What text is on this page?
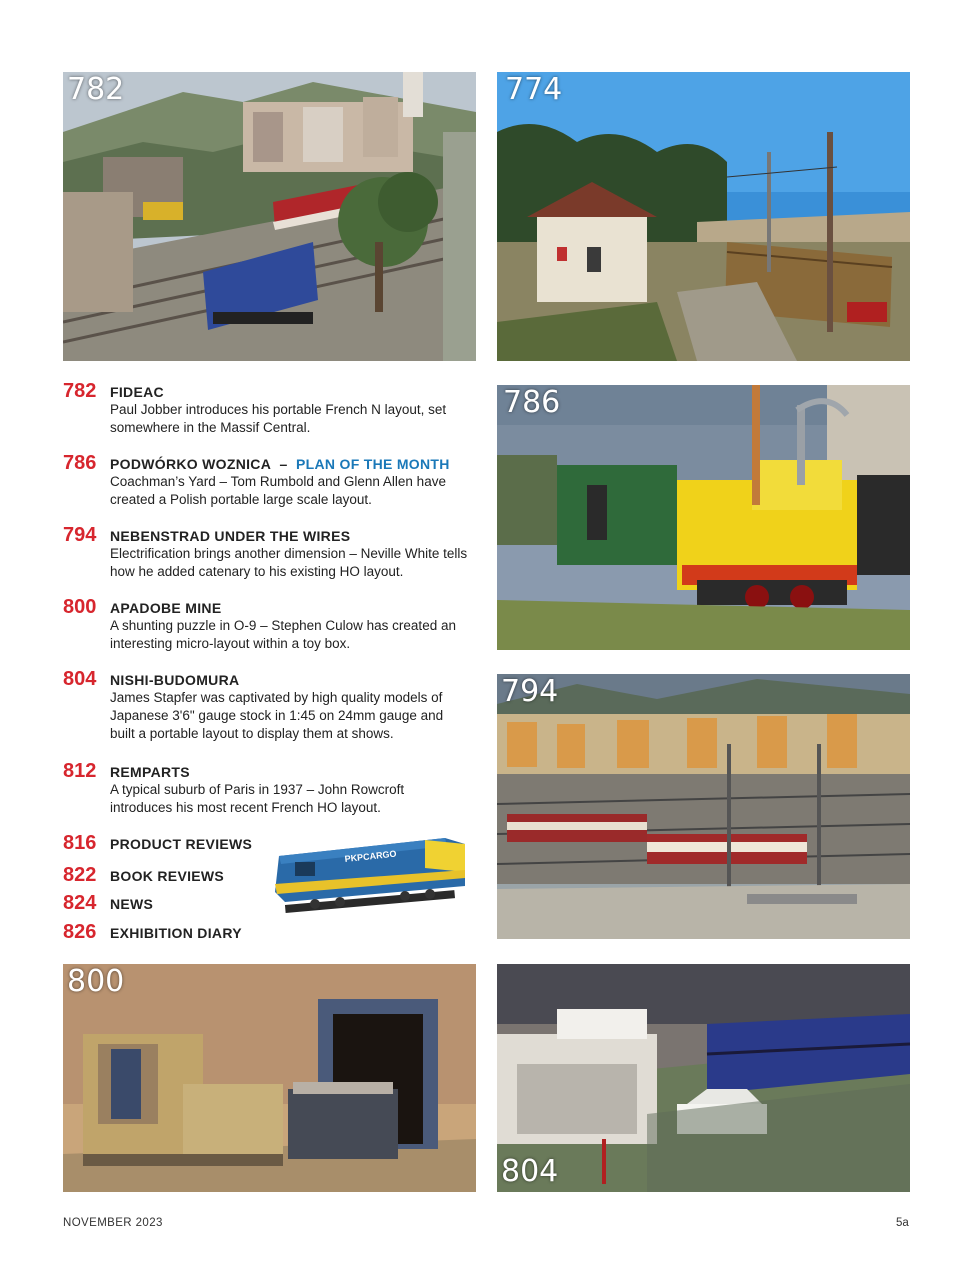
782	774
786
794
800
804
782 FIDEAC
Paul Jobber introduces his portable French N layout, set somewhere in the Massif Central.
786 PODWÓRKO WOZNICA – PLAN OF THE MONTH
Coachman’s Yard – Tom Rumbold and Glenn Allen have created a Polish portable large scale layout.
794 NEBENSTRAD UNDER THE WIRES
Electrification brings another dimension – Neville White tells how he added catenary to his existing HO layout.
800 APADOBE MINE
A shunting puzzle in O-9 – Stephen Culow has created an interesting micro-layout within a toy box.
804 NISHI-BUDOMURA
James Stapfer was captivated by high quality models of Japanese 3'6" gauge stock in 1:45 on 24mm gauge and built a portable layout to display them at shows.
812 REMPARTS
A typical suburb of Paris in 1937 – John Rowcroft introduces his most recent French HO layout.
816 PRODUCT REVIEWS
822 BOOK REVIEWS
824 NEWS
826 EXHIBITION DIARY
PKPCARGO
NOVEMBER 2023	5a
